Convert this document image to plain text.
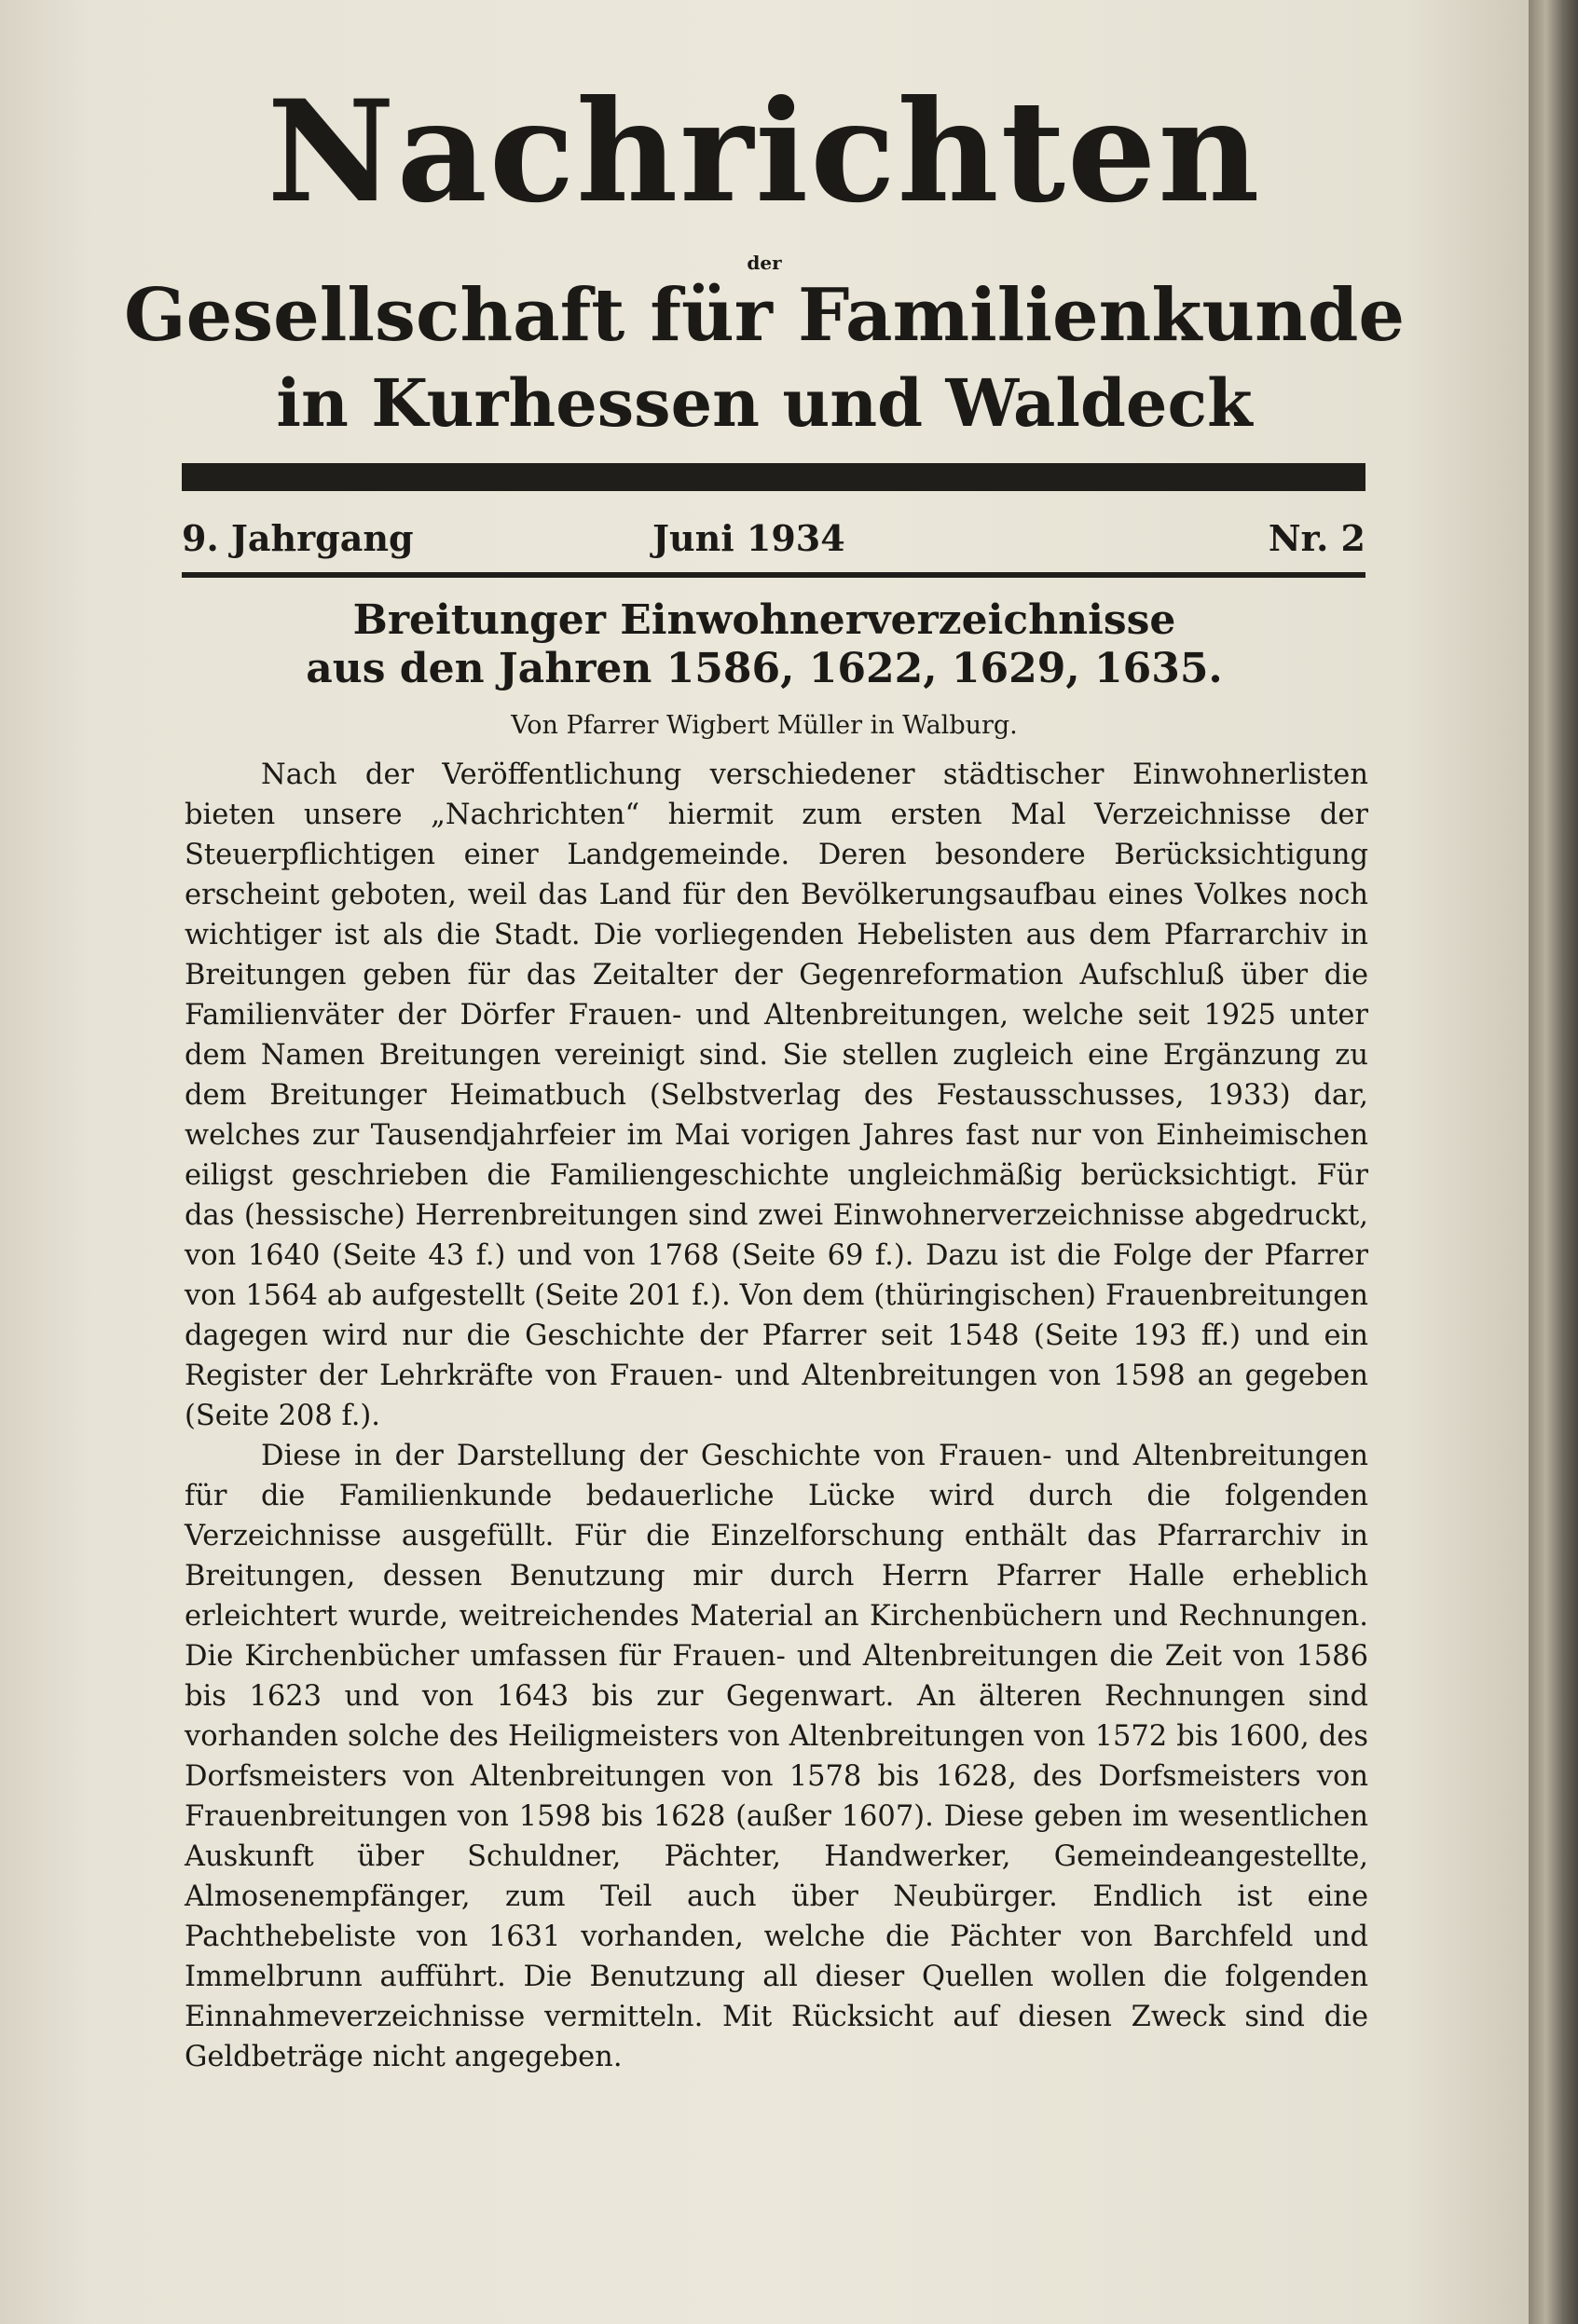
Nachrichten
der
Gesellschaft für Familienkunde
in Kurhessen und Waldeck
9. Jahrgang	Juni 1934	Nr. 2
Breitunger Einwohnerverzeichnisse
aus den Jahren 1586, 1622, 1629, 1635.
Von Pfarrer Wigbert Müller in Walburg.

Nach der Veröffentlichung verschiedener städtischer Einwohnerlisten bieten unsere „Nachrichten“ hiermit zum ersten Mal Verzeichnisse der Steuerpflichtigen einer Landgemeinde. Deren besondere Berücksichtigung erscheint geboten, weil das Land für den Bevölkerungsaufbau eines Volkes noch wichtiger ist als die Stadt. Die vorliegenden Hebelisten aus dem Pfarrarchiv in Breitungen geben für das Zeitalter der Gegenreformation Aufschluß über die Familienväter der Dörfer Frauen- und Altenbreitungen, welche seit 1925 unter dem Namen Breitungen vereinigt sind. Sie stellen zugleich eine Ergänzung zu dem Breitunger Heimatbuch (Selbstverlag des Festausschusses, 1933) dar, welches zur Tausendjahrfeier im Mai vorigen Jahres fast nur von Einheimischen eiligst geschrieben die Familiengeschichte ungleichmäßig berücksichtigt. Für das (hessische) Herrenbreitungen sind zwei Einwohnerverzeichnisse abgedruckt, von 1640 (Seite 43 f.) und von 1768 (Seite 69 f.). Dazu ist die Folge der Pfarrer von 1564 ab aufgestellt (Seite 201 f.). Von dem (thüringischen) Frauenbreitungen dagegen wird nur die Geschichte der Pfarrer seit 1548 (Seite 193 ff.) und ein Register der Lehrkräfte von Frauen- und Altenbreitungen von 1598 an gegeben (Seite 208 f.).

Diese in der Darstellung der Geschichte von Frauen- und Altenbreitungen für die Familienkunde bedauerliche Lücke wird durch die folgenden Verzeichnisse ausgefüllt. Für die Einzelforschung enthält das Pfarrarchiv in Breitungen, dessen Benutzung mir durch Herrn Pfarrer Halle erheblich erleichtert wurde, weitreichendes Material an Kirchenbüchern und Rechnungen. Die Kirchenbücher umfassen für Frauen- und Altenbreitungen die Zeit von 1586 bis 1623 und von 1643 bis zur Gegenwart. An älteren Rechnungen sind vorhanden solche des Heiligmeisters von Altenbreitungen von 1572 bis 1600, des Dorfsmeisters von Altenbreitungen von 1578 bis 1628, des Dorfsmeisters von Frauenbreitungen von 1598 bis 1628 (außer 1607). Diese geben im wesentlichen Auskunft über Schuldner, Pächter, Handwerker, Gemeindeangestellte, Almosenempfänger, zum Teil auch über Neubürger. Endlich ist eine Pachthebeliste von 1631 vorhanden, welche die Pächter von Barchfeld und Immelbrunn aufführt. Die Benutzung all dieser Quellen wollen die folgenden Einnahmeverzeichnisse vermitteln. Mit Rücksicht auf diesen Zweck sind die Geldbeträge nicht angegeben.
